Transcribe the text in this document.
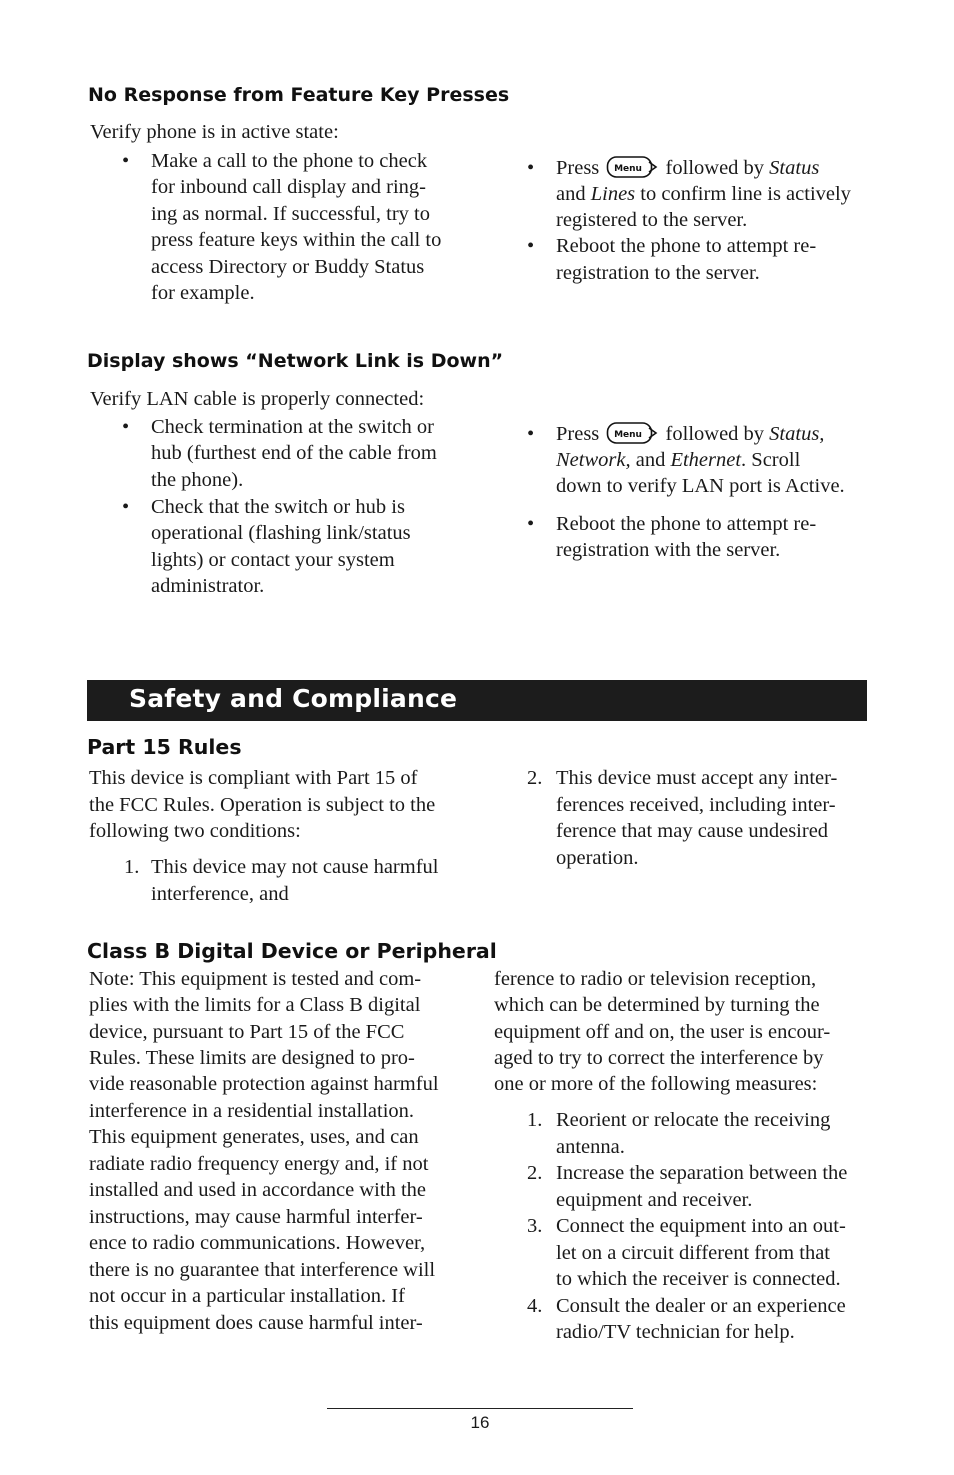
No Response from Feature Key Presses
Verify phone is in active state:
• Make a call to the phone to check
for inbound call display and ring-
ing as normal. If successful, try to
press feature keys within the call to
access Directory or Buddy Status
for example.
• Press Menu followed by Status
and Lines to confirm line is actively
registered to the server.
• Reboot the phone to attempt re-
registration to the server.
Display shows “Network Link is Down”
Verify LAN cable is properly connected:
• Check termination at the switch or
hub (furthest end of the cable from
the phone).
• Check that the switch or hub is
operational (flashing link/status
lights) or contact your system
administrator.
• Press Menu followed by Status,
Network, and Ethernet. Scroll
down to verify LAN port is Active.
• Reboot the phone to attempt re-
registration with the server.
Safety and Compliance
Part 15 Rules
This device is compliant with Part 15 of
the FCC Rules. Operation is subject to the
following two conditions:
1. This device may not cause harmful
interference, and
2. This device must accept any inter-
ferences received, including inter-
ference that may cause undesired
operation.
Class B Digital Device or Peripheral
Note: This equipment is tested and com-
plies with the limits for a Class B digital
device, pursuant to Part 15 of the FCC
Rules. These limits are designed to pro-
vide reasonable protection against harmful
interference in a residential installation.
This equipment generates, uses, and can
radiate radio frequency energy and, if not
installed and used in accordance with the
instructions, may cause harmful interfer-
ence to radio communications. However,
there is no guarantee that interference will
not occur in a particular installation. If
this equipment does cause harmful inter-
ference to radio or television reception,
which can be determined by turning the
equipment off and on, the user is encour-
aged to try to correct the interference by
one or more of the following measures:
1. Reorient or relocate the receiving
antenna.
2. Increase the separation between the
equipment and receiver.
3. Connect the equipment into an out-
let on a circuit different from that
to which the receiver is connected.
4. Consult the dealer or an experience
radio/TV technician for help.
16
